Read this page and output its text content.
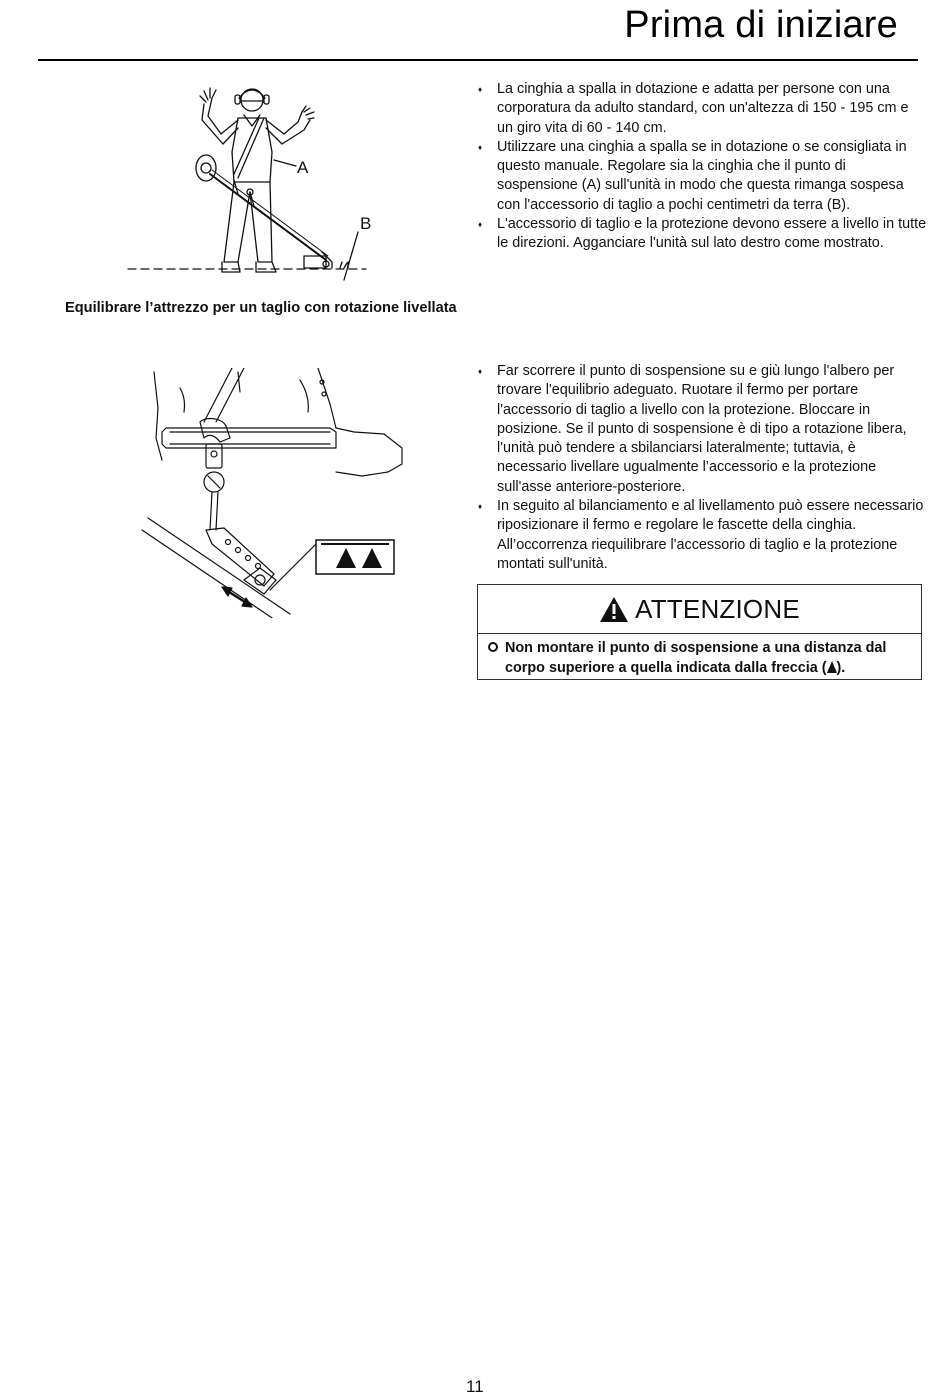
Prima di iniziare
A
B
♦ La cinghia a spalla in dotazione e adatta per persone con una corporatura da adulto standard, con un'altezza di 150 - 195 cm e un giro vita di 60 - 140 cm.
♦ Utilizzare una cinghia a spalla se in dotazione o se consigliata in questo manuale. Regolare sia la cinghia che il punto di sospensione (A) sull'unità in modo che questa rimanga sospesa con l'accessorio di taglio a pochi centimetri da terra (B).
♦ L'accessorio di taglio e la protezione devono essere a livello in tutte le direzioni. Agganciare l'unità sul lato destro come mostrato.
Equilibrare l’attrezzo per un taglio con rotazione livellata
♦ Far scorrere il punto di sospensione su e giù lungo l'albero per trovare l'equilibrio adeguato. Ruotare il fermo per portare l'accessorio di taglio a livello con la protezione. Bloccare in posizione. Se il punto di sospensione è di tipo a rotazione libera, l'unità può tendere a sbilanciarsi lateralmente; tuttavia, è necessario livellare ugualmente l’accessorio e la protezione sull'asse anteriore-posteriore.
♦ In seguito al bilanciamento e al livellamento può essere necessario riposizionare il fermo e regolare le fascette della cinghia. All’occorrenza riequilibrare l'accessorio di taglio e la protezione montati sull'unità.
ATTENZIONE
Non montare il punto di sospensione a una distanza dal corpo superiore a quella indicata dalla freccia ( ).
11
